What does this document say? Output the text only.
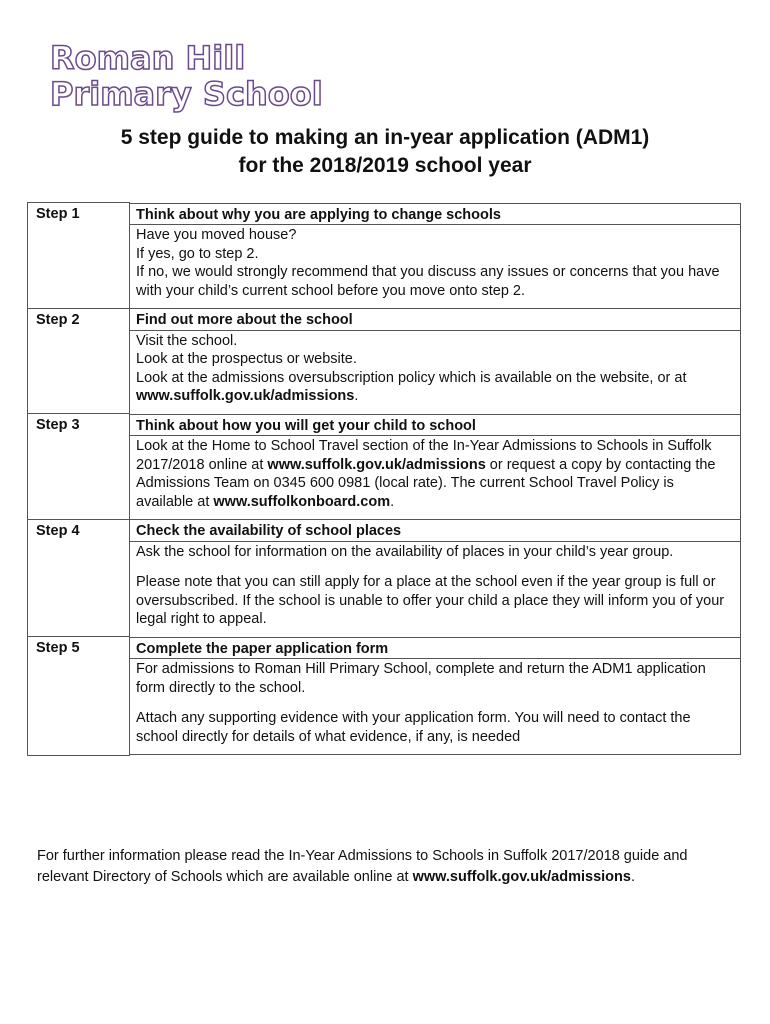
Roman Hill
Primary School
5 step guide to making an in-year application (ADM1)
for the 2018/2019 school year
Step 1	Think about why you are applying to change schools

Have you moved house?

If yes, go to step 2.

If no, we would strongly recommend that you discuss any issues or concerns that you have with your child’s current school before you move onto step 2.

Step 2	Find out more about the school

Visit the school.

Look at the prospectus or website.

Look at the admissions oversubscription policy which is available on the website, or at www.suffolk.gov.uk/admissions.

Step 3	Think about how you will get your child to school

Look at the Home to School Travel section of the In-Year Admissions to Schools in Suffolk 2017/2018 online at www.suffolk.gov.uk/admissions or request a copy by contacting the Admissions Team on 0345 600 0981 (local rate). The current School Travel Policy is available at www.suffolkonboard.com.

Step 4	Check the availability of school places

Ask the school for information on the availability of places in your child’s year group.

Please note that you can still apply for a place at the school even if the year group is full or oversubscribed. If the school is unable to offer your child a place they will inform you of your legal right to appeal.

Step 5	Complete the paper application form

For admissions to Roman Hill Primary School, complete and return the ADM1 application form directly to the school.

Attach any supporting evidence with your application form. You will need to contact the school directly for details of what evidence, if any, is needed

For further information please read the In-Year Admissions to Schools in Suffolk 2017/2018 guide and relevant Directory of Schools which are available online at www.suffolk.gov.uk/admissions.
